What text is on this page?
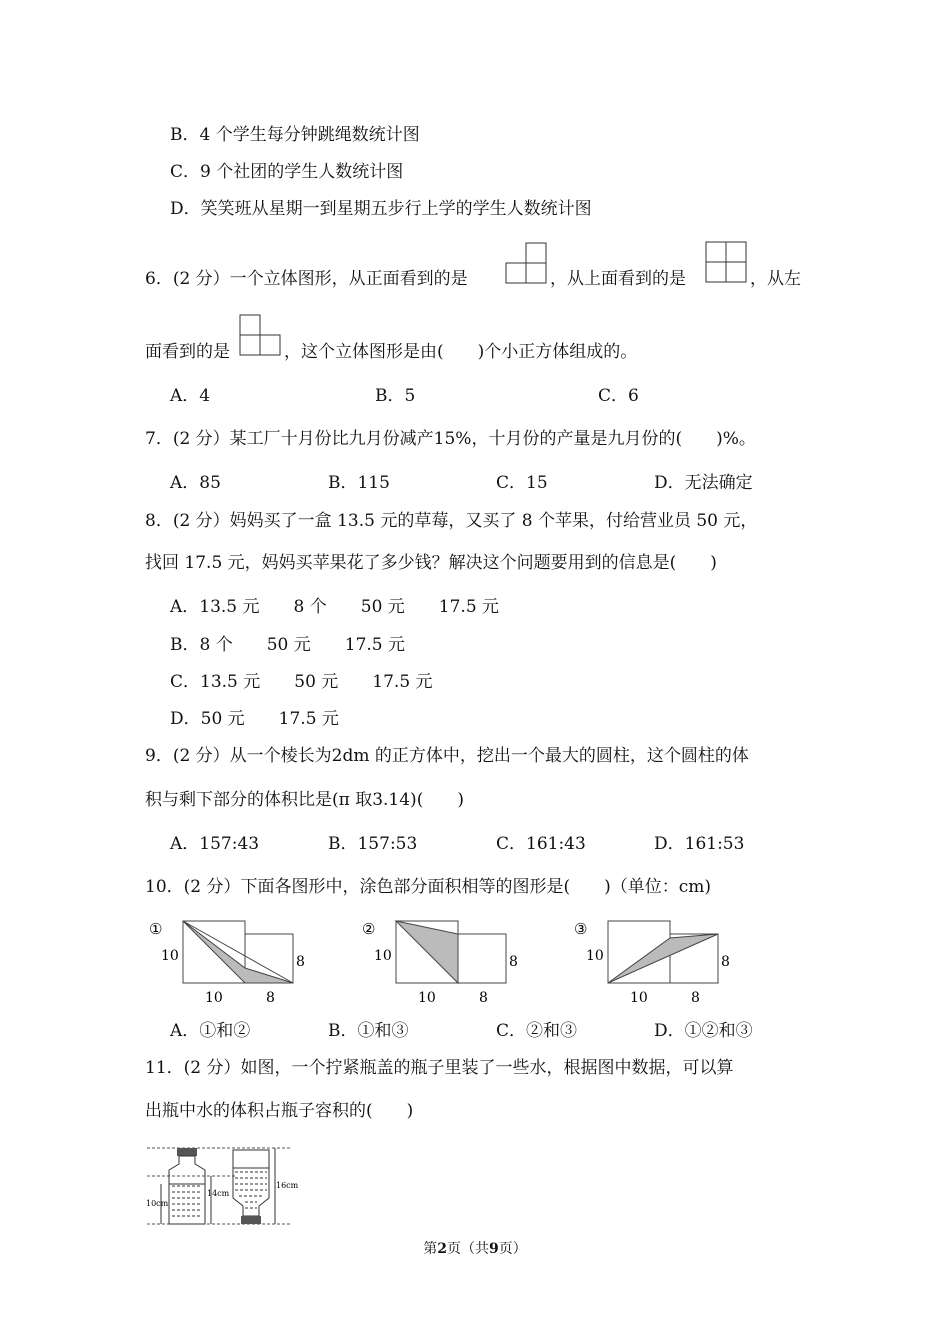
B．4 个学生每分钟跳绳数统计图
C．9 个社团的学生人数统计图
D．笑笑班从星期一到星期五步行上学的学生人数统计图
6．(2 分）一个立体图形，从正面看到的是	，从上面看到的是	，从左
面看到的是	，这个立体图形是由(　　)个小正方体组成的。
A．4	B．5	C．6
7．(2 分）某工厂十月份比九月份减产15%，十月份的产量是九月份的(　　)%。
A．85	B．115	C．15	D．无法确定
8．(2 分）妈妈买了一盒 13.5 元的草莓，又买了 8 个苹果，付给营业员 50 元，
找回 17.5 元，妈妈买苹果花了多少钱？解决这个问题要用到的信息是(　　)
A．13.5 元　　8 个　　50 元　　17.5 元
B．8 个　　50 元　　17.5 元
C．13.5 元　　50 元　　17.5 元
D．50 元　　17.5 元
9．(2 分）从一个棱长为2dm 的正方体中，挖出一个最大的圆柱，这个圆柱的体
积与剩下部分的体积比是(π 取3.14)(　　)
A．157:43	B．157:53	C．161:43	D．161:53
10．(2 分）下面各图形中，涂色部分面积相等的图形是(　　)（单位：cm)
①
10	8
10	8
②
10	8
10	8
③
10	8
10	8
A．①和②	B．①和③	C．②和③	D．①②和③
11．(2 分）如图，一个拧紧瓶盖的瓶子里装了一些水，根据图中数据，可以算
出瓶中水的体积占瓶子容积的(　　)
10cm
14cm
16cm
第2页（共9页）
